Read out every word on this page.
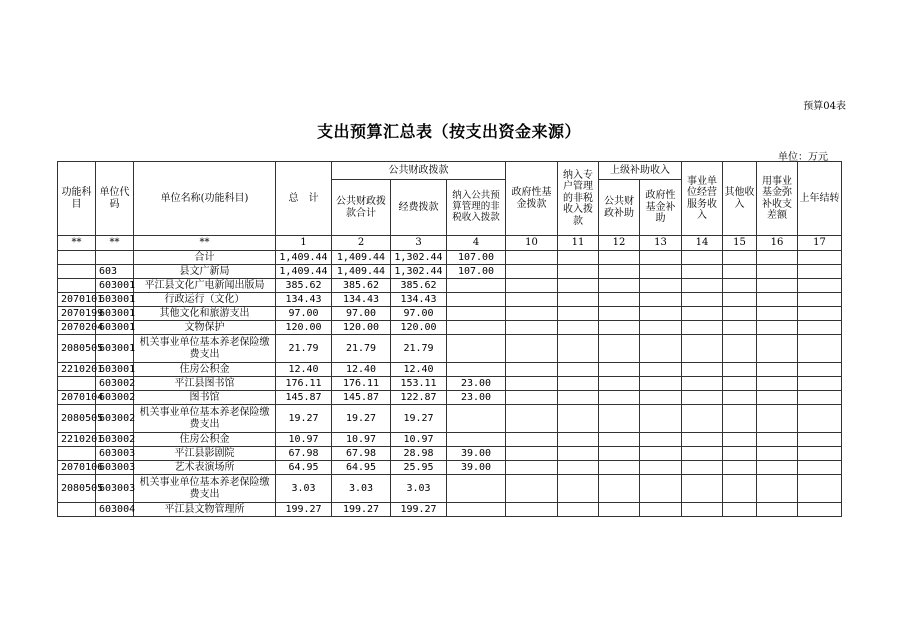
预算04表
支出预算汇总表（按支出资金来源）
单位：万元
功能科目	单位代码	单位名称(功能科目)	总　计	公共财政拨款			政府性基金拨款	纳入专户管理的非税收入拨款	上级补助收入		事业单位经营服务收入	其他收入	用事业基金弥补收支差额	上年结转
				公共财政拨款合计	经费拨款	纳入公共预算管理的非税收入拨款			公共财政补助	政府性基金补助				
**	**	**	1	2	3	4	10	11	12	13	14	15	16	17
		合计	1,409.44	1,409.44	1,302.44	107.00								
	603	县文广新局	1,409.44	1,409.44	1,302.44	107.00								
	603001	平江县文化广电新闻出版局	385.62	385.62	385.62									
2070101	603001	行政运行（文化）	134.43	134.43	134.43									
2070199	603001	其他文化和旅游支出	97.00	97.00	97.00									
2070204	603001	文物保护	120.00	120.00	120.00									
2080505	603001	机关事业单位基本养老保险缴费支出	21.79	21.79	21.79									
2210201	603001	住房公积金	12.40	12.40	12.40									
	603002	平江县图书馆	176.11	176.11	153.11	23.00								
2070104	603002	图书馆	145.87	145.87	122.87	23.00								
2080505	603002	机关事业单位基本养老保险缴费支出	19.27	19.27	19.27									
2210201	603002	住房公积金	10.97	10.97	10.97									
	603003	平江县影剧院	67.98	67.98	28.98	39.00								
2070106	603003	艺术表演场所	64.95	64.95	25.95	39.00								
2080505	603003	机关事业单位基本养老保险缴费支出	3.03	3.03	3.03									
	603004	平江县文物管理所	199.27	199.27	199.27									
